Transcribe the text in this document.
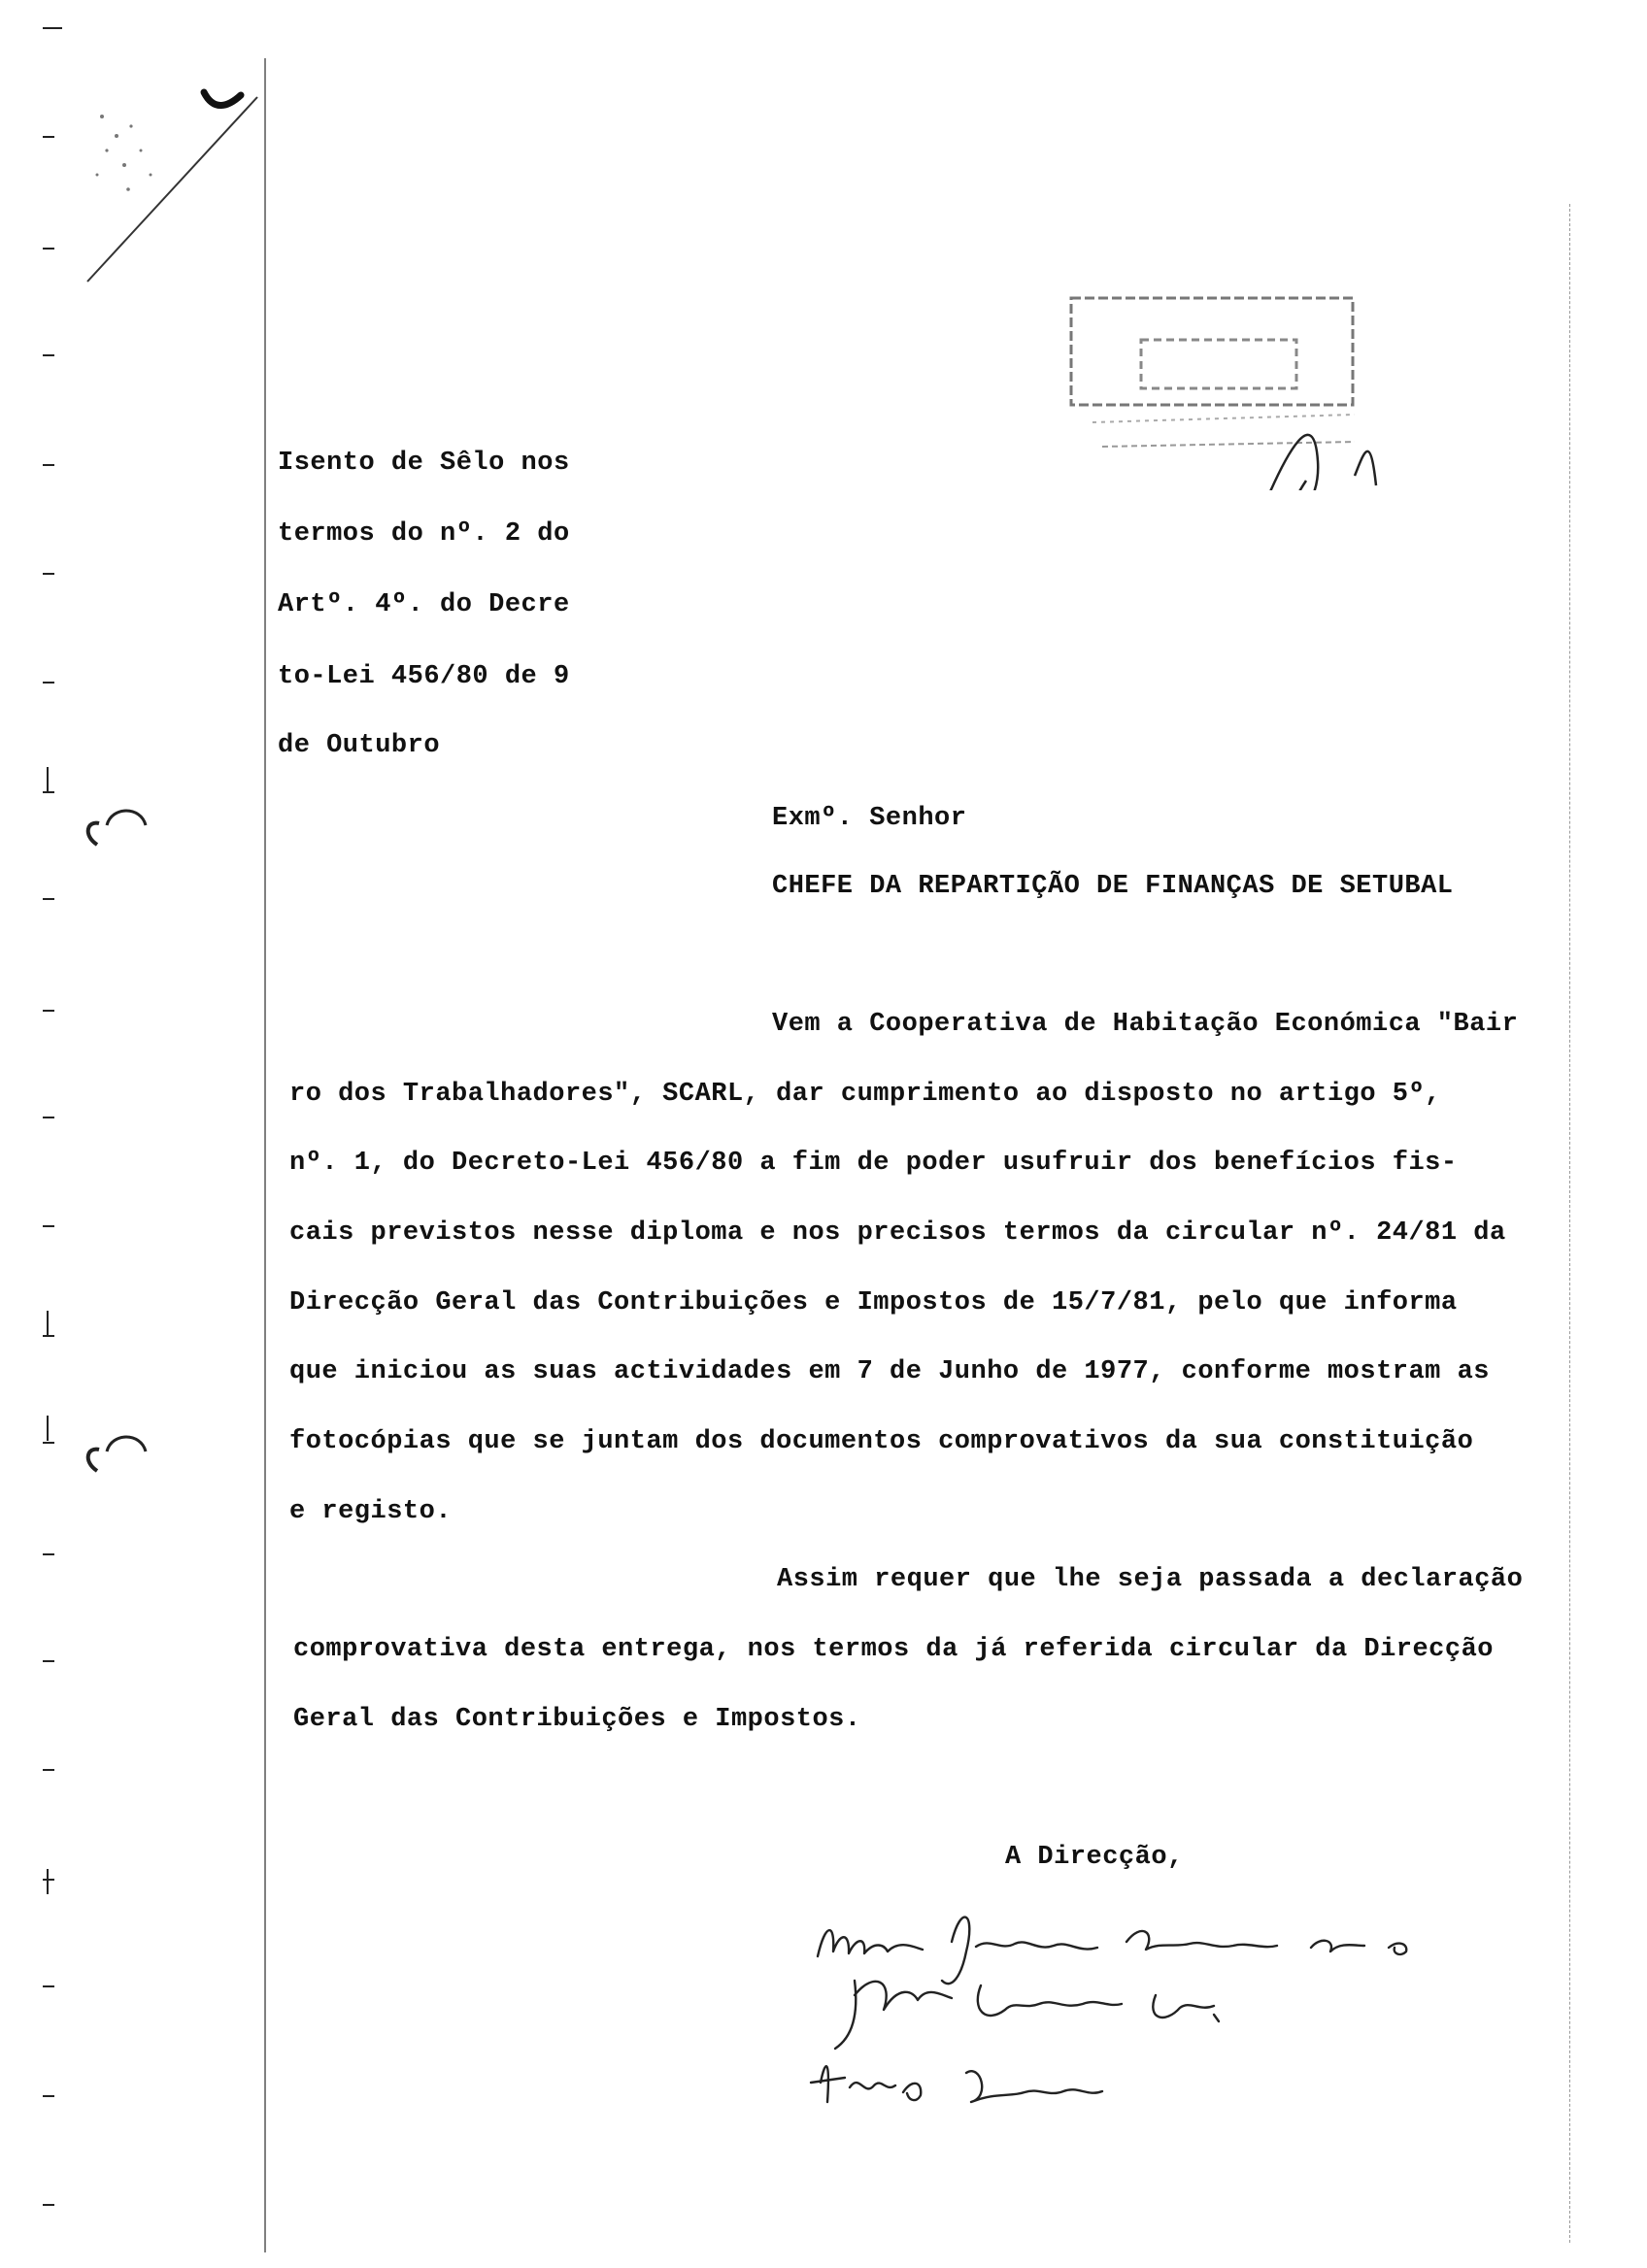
Isento de Sêlo nos
termos do nº. 2 do
Artº. 4º. do Decre
to-Lei 456/80 de 9
de Outubro
Exmº. Senhor
CHEFE DA REPARTIÇÃO DE FINANÇAS DE SETUBAL
Vem a Cooperativa de Habitação Económica "Bair
ro dos Trabalhadores", SCARL, dar cumprimento ao disposto no artigo 5º,
nº. 1, do Decreto-Lei 456/80 a fim de poder usufruir dos benefícios fis-
cais previstos nesse diploma e nos precisos termos da circular nº. 24/81 da
Direcção Geral das Contribuições e Impostos de 15/7/81, pelo que informa
que iniciou as suas actividades em 7 de Junho de 1977, conforme mostram as
fotocópias que se juntam dos documentos comprovativos da sua constituição
e registo.
Assim requer que lhe seja passada a declaração
comprovativa desta entrega, nos termos da já referida circular da Direcção
Geral das Contribuições e Impostos.
A Direcção,
